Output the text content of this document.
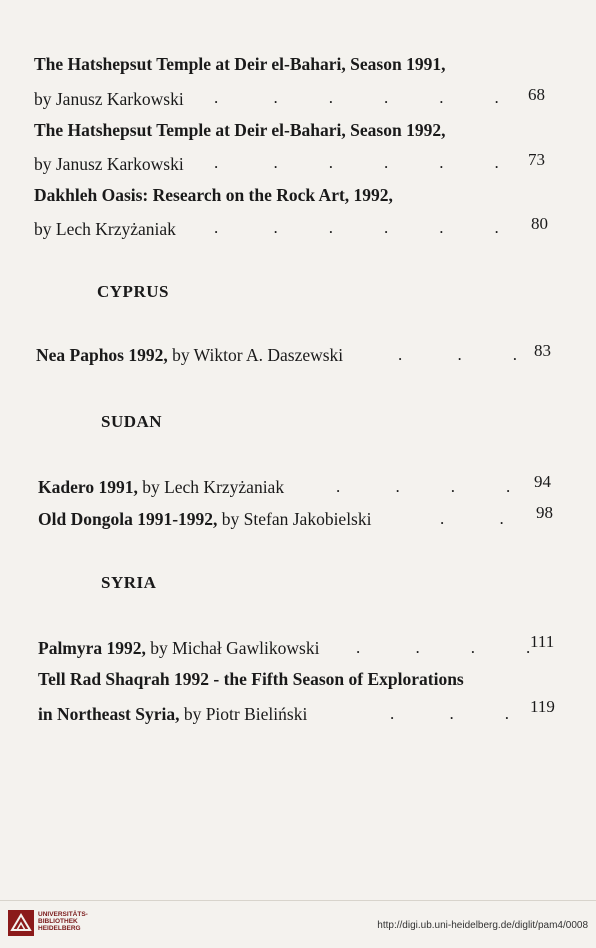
The Hatshepsut Temple at Deir el-Bahari, Season 1991,
by Janusz Karkowski .             .            .            .            .            . 68
The Hatshepsut Temple at Deir el-Bahari, Season 1992,
by Janusz Karkowski .             .            .            .            .            . 73
Dakhleh Oasis: Research on the Rock Art, 1992,
by Lech Krzyżaniak .             .            .            .            .            . 80
CYPRUS
Nea Paphos 1992, by Wiktor A. Daszewski	.             .            . 83
SUDAN
Kadero 1991, by Lech Krzyżaniak	.             .            .            . 94
Old Dongola 1991-1992, by Stefan Jakobielski	.             . 98
SYRIA
Palmyra 1992, by Michał Gawlikowski .             .            .            . 111
Tell Rad Shaqrah 1992 - the Fifth Season of Explorations
in Northeast Syria, by Piotr Bieliński	.             .            . 119
UNIVERSITÄTS-
BIBLIOTHEK
HEIDELBERG	http://digi.ub.uni-heidelberg.de/diglit/pam4/0008
